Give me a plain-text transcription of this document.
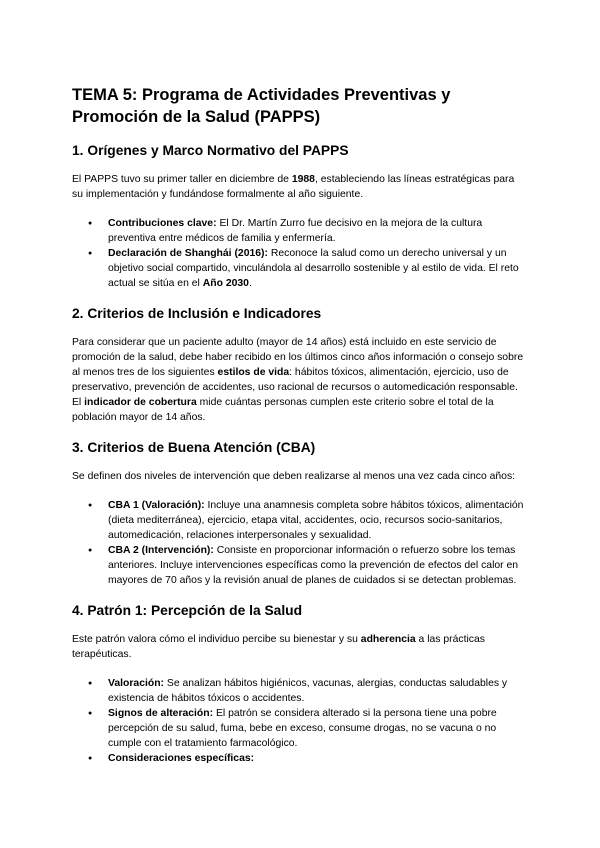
TEMA 5: Programa de Actividades Preventivas y Promoción de la Salud (PAPPS)
1. Orígenes y Marco Normativo del PAPPS

El PAPPS tuvo su primer taller en diciembre de 1988, estableciendo las líneas estratégicas para su implementación y fundándose formalmente al año siguiente.

● Contribuciones clave: El Dr. Martín Zurro fue decisivo en la mejora de la cultura preventiva entre médicos de familia y enfermería.
● Declaración de Shanghái (2016): Reconoce la salud como un derecho universal y un objetivo social compartido, vinculándola al desarrollo sostenible y al estilo de vida. El reto actual se sitúa en el Año 2030.
2. Criterios de Inclusión e Indicadores

Para considerar que un paciente adulto (mayor de 14 años) está incluido en este servicio de promoción de la salud, debe haber recibido en los últimos cinco años información o consejo sobre al menos tres de los siguientes estilos de vida: hábitos tóxicos, alimentación, ejercicio, uso de preservativo, prevención de accidentes, uso racional de recursos o automedicación responsable. El indicador de cobertura mide cuántas personas cumplen este criterio sobre el total de la población mayor de 14 años.

3. Criterios de Buena Atención (CBA)

Se definen dos niveles de intervención que deben realizarse al menos una vez cada cinco años:

● CBA 1 (Valoración): Incluye una anamnesis completa sobre hábitos tóxicos, alimentación (dieta mediterránea), ejercicio, etapa vital, accidentes, ocio, recursos socio-sanitarios, automedicación, relaciones interpersonales y sexualidad.
● CBA 2 (Intervención): Consiste en proporcionar información o refuerzo sobre los temas anteriores. Incluye intervenciones específicas como la prevención de efectos del calor en mayores de 70 años y la revisión anual de planes de cuidados si se detectan problemas.
4. Patrón 1: Percepción de la Salud

Este patrón valora cómo el individuo percibe su bienestar y su adherencia a las prácticas terapéuticas.

● Valoración: Se analizan hábitos higiénicos, vacunas, alergias, conductas saludables y existencia de hábitos tóxicos o accidentes.
● Signos de alteración: El patrón se considera alterado si la persona tiene una pobre percepción de su salud, fuma, bebe en exceso, consume drogas, no se vacuna o no cumple con el tratamiento farmacológico.
● Consideraciones específicas:
